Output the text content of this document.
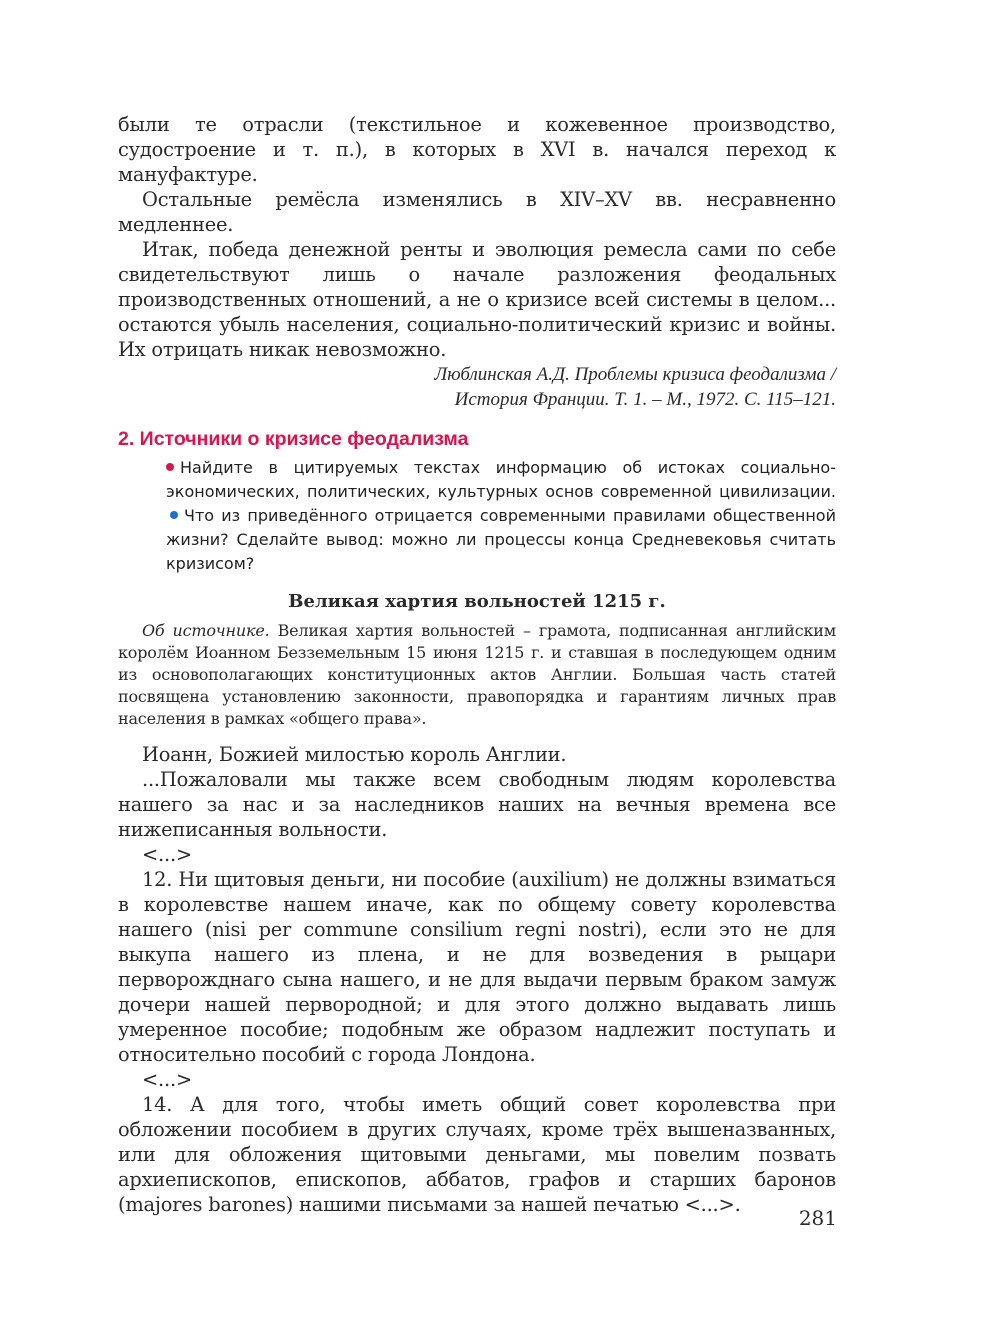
были те отрасли (текстильное и кожевенное производство, судостроение и т. п.), в которых в XVI в. начался переход к мануфактуре.

Остальные ремёсла изменялись в XIV–XV вв. несравненно медленнее.

Итак, победа денежной ренты и эволюция ремесла сами по себе свидетельствуют лишь о начале разложения феодальных производственных отношений, а не о кризисе всей системы в целом... остаются убыль населения, социально-политический кризис и войны. Их отрицать никак невозможно.

Люблинская А.Д. Проблемы кризиса феодализма /

История Франции. Т. 1. – М., 1972. С. 115–121.

2. Источники о кризисе феодализма

Найдите в цитируемых текстах информацию об истоках социально-экономических, политических, культурных основ современной цивилизации. Что из приведённого отрицается современными правилами общественной жизни? Сделайте вывод: можно ли процессы конца Средневековья считать кризисом?

Великая хартия вольностей 1215 г.

Об источнике. Великая хартия вольностей – грамота, подписанная английским королём Иоанном Безземельным 15 июня 1215 г. и ставшая в последующем одним из основополагающих конституционных актов Англии. Большая часть статей посвящена установлению законности, правопорядка и гарантиям личных прав населения в рамках «общего права».

Иоанн, Божией милостью король Англии.

...Пожаловали мы также всем свободным людям королевства нашего за нас и за наследников наших на вечныя времена все нижеписанныя вольности.

<...>

12. Ни щитовыя деньги, ни пособие (auxilium) не должны взиматься в королевстве нашем иначе, как по общему совету королевства нашего (nisi per commune consilium regni nostri), если это не для выкупа нашего из плена, и не для возведения в рыцари перворожднаго сына нашего, и не для выдачи первым браком замуж дочери нашей первородной; и для этого должно выдавать лишь умеренное пособие; подобным же образом надлежит поступать и относительно пособий с города Лондона.

<...>

14. А для того, чтобы иметь общий совет королевства при обложении пособием в других случаях, кроме трёх вышеназванных, или для обложения щитовыми деньгами, мы повелим позвать архиепископов, епископов, аббатов, графов и старших баронов (majores barones) нашими письмами за нашей печатью <...>.

281
